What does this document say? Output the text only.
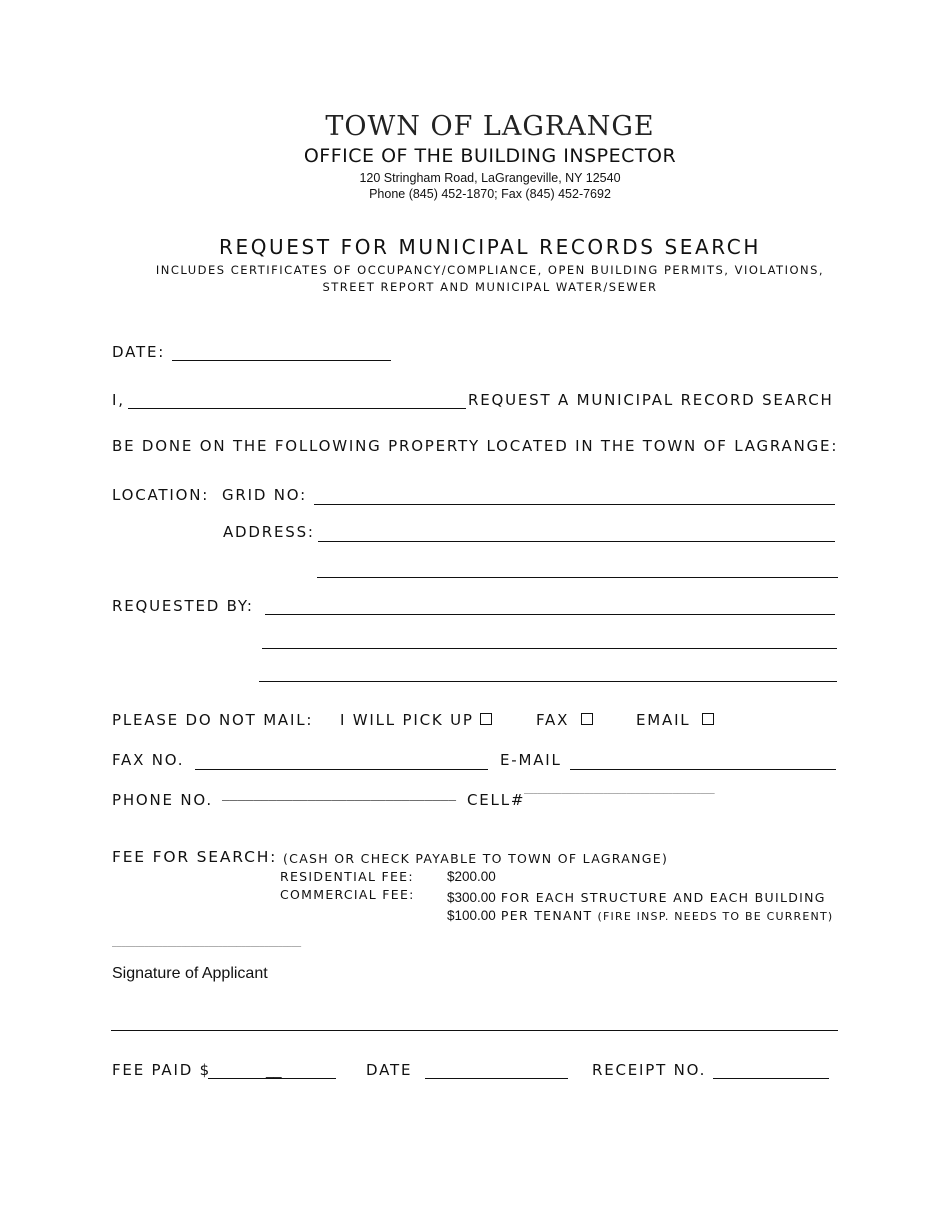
TOWN OF LAGRANGE
OFFICE OF THE BUILDING INSPECTOR
120 Stringham Road, LaGrangeville, NY 12540
Phone (845) 452-1870; Fax (845) 452-7692
REQUEST FOR MUNICIPAL RECORDS SEARCH
INCLUDES CERTIFICATES OF OCCUPANCY/COMPLIANCE, OPEN BUILDING PERMITS, VIOLATIONS,
STREET REPORT AND MUNICIPAL WATER/SEWER
DATE:
I,	REQUEST A MUNICIPAL RECORD SEARCH
BE DONE ON THE FOLLOWING PROPERTY LOCATED IN THE TOWN OF LAGRANGE:
LOCATION: GRID NO:
ADDRESS:
REQUESTED BY:
PLEASE DO NOT MAIL: I WILL PICK UP	FAX	EMAIL
FAX NO.	E-MAIL
PHONE NO. ______________________________ CELL#
_________________________________________
FEE FOR SEARCH: (CASH OR CHECK PAYABLE TO TOWN OF LAGRANGE)
RESIDENTIAL FEE: $200.00
COMMERCIAL FEE: $300.00 FOR EACH STRUCTURE AND EACH BUILDING
$100.00 PER TENANT (FIRE INSP. NEEDS TO BE CURRENT)
_________________________________________
Signature of Applicant
FEE PAID $	__	DATE	RECEIPT NO.
